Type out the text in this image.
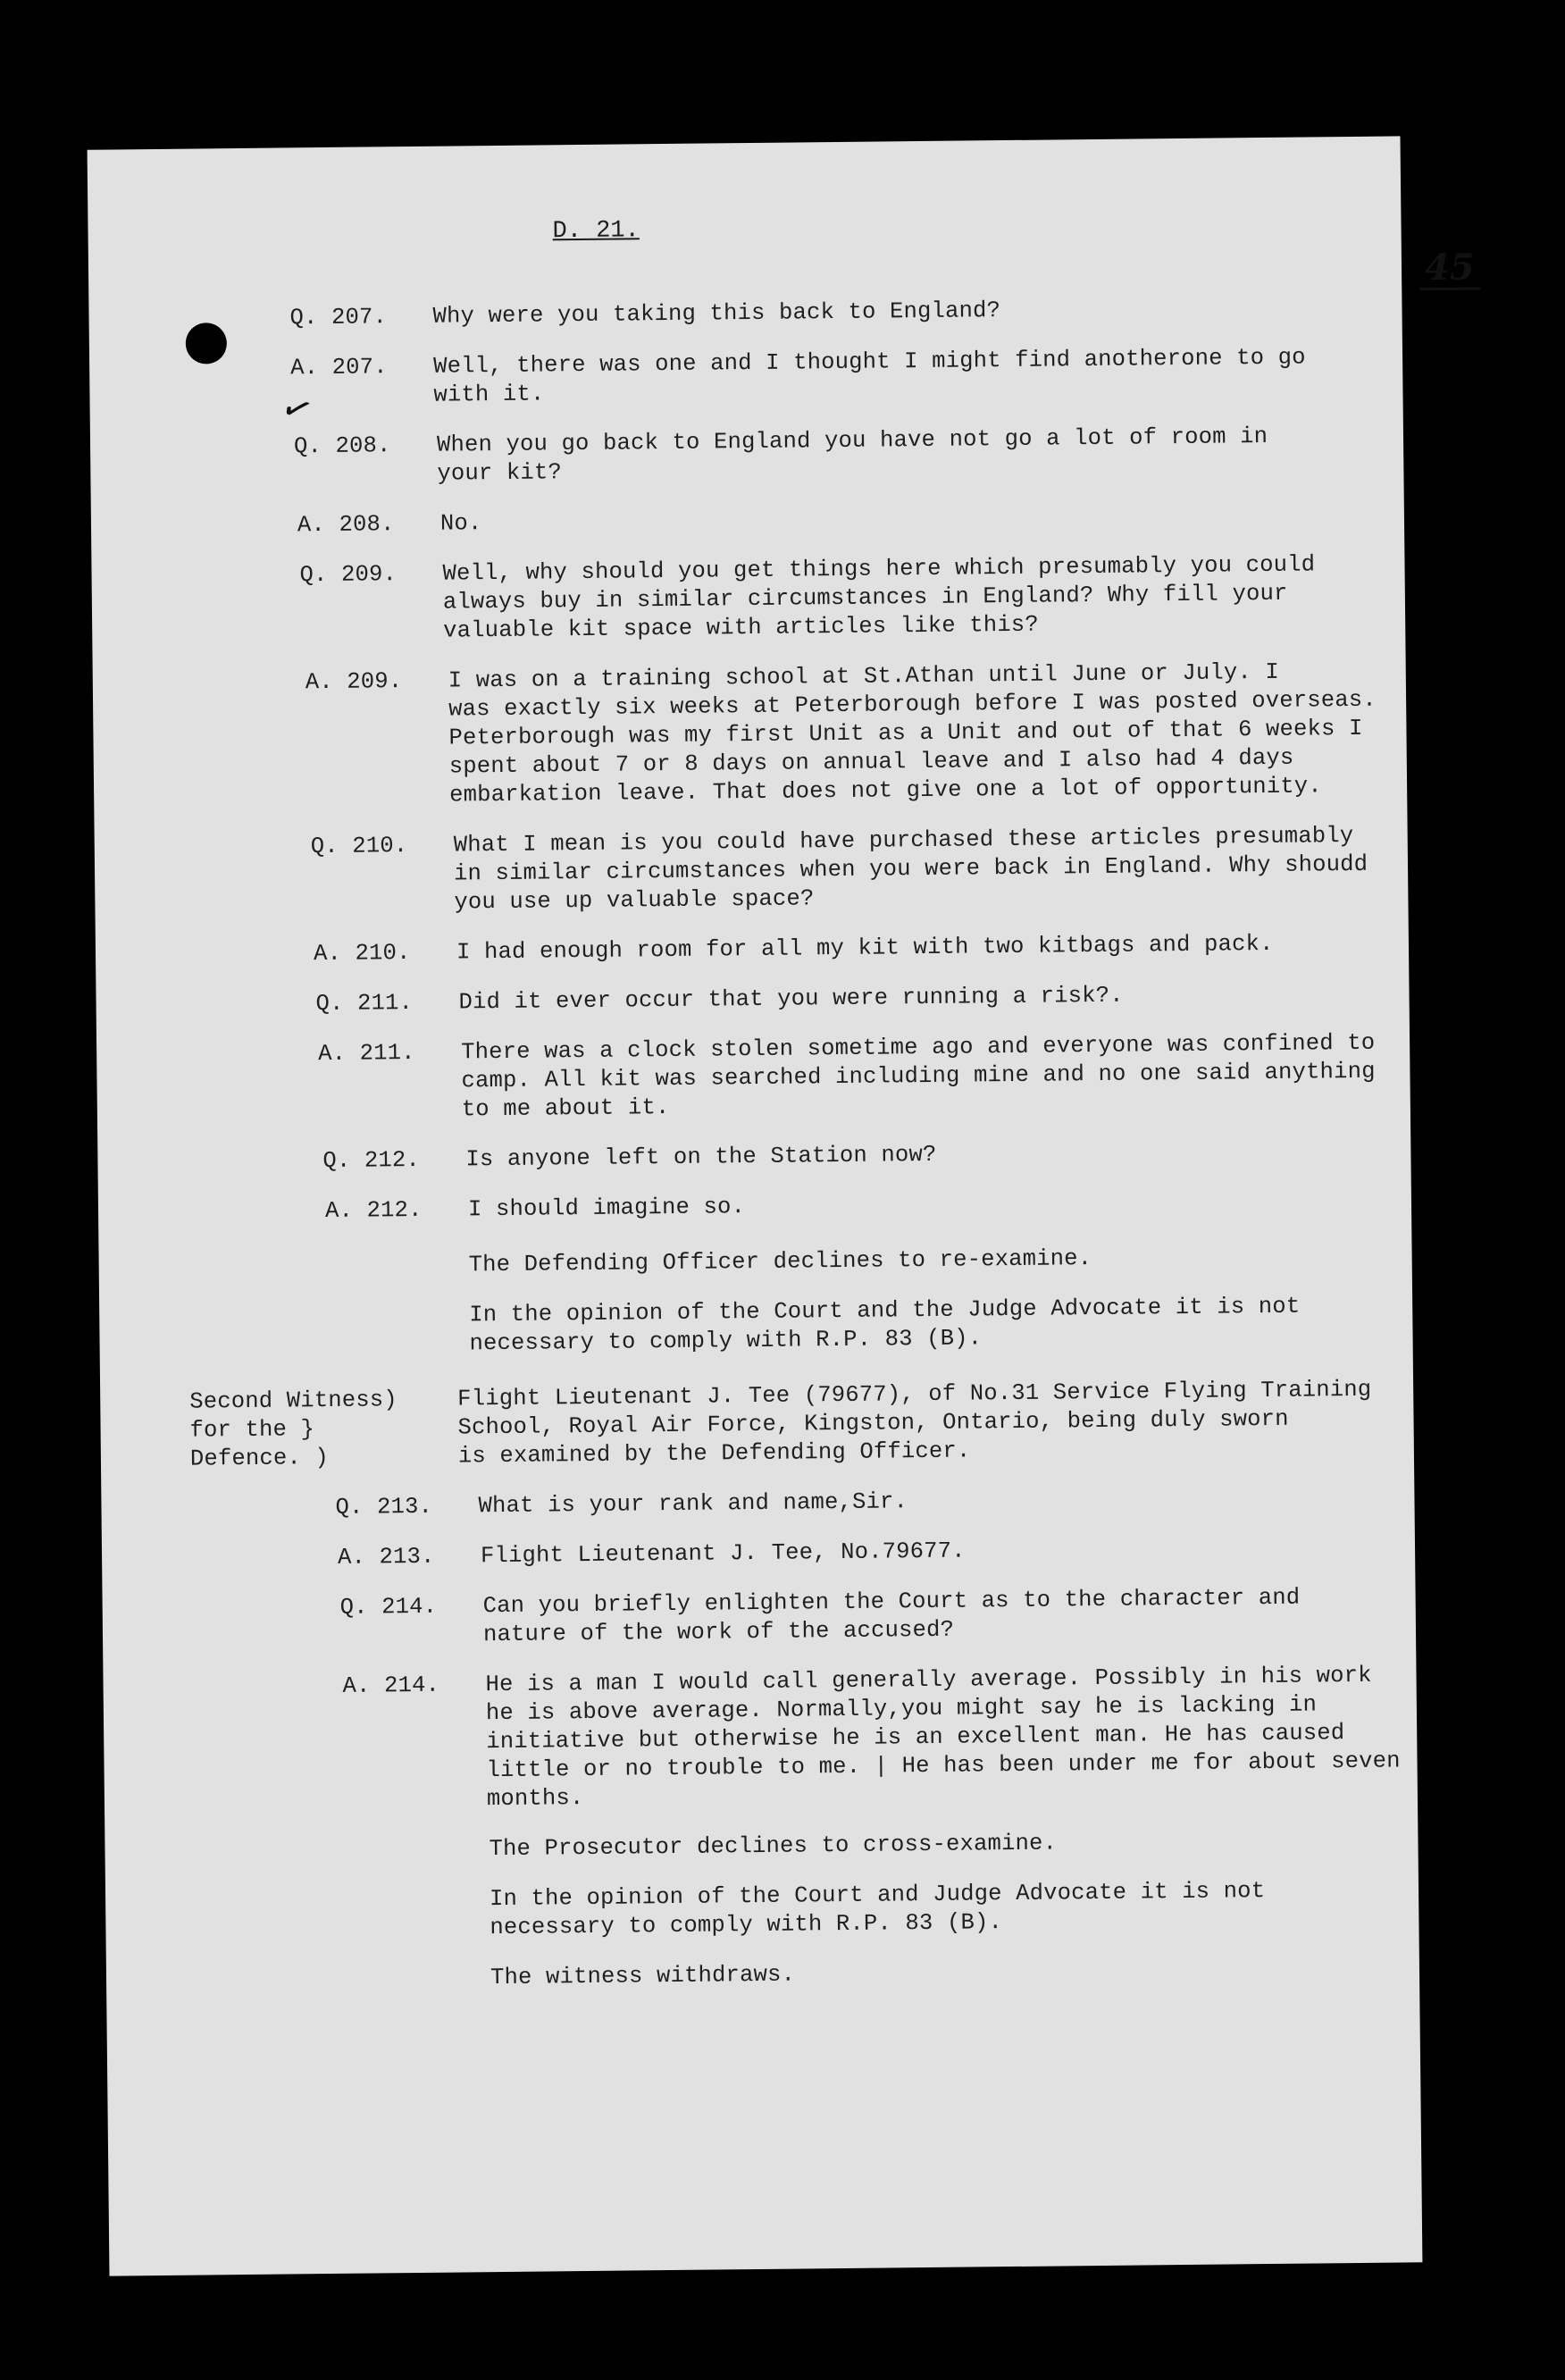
✓
45
D. 21.
Q. 207.	Why were you taking this back to England?
A. 207.	Well, there was one and I thought I might find anotherone to go
with it.
Q. 208.	When you go back to England you have not go a lot of room in
your kit?
A. 208.	No.
Q. 209.	Well, why should you get things here which presumably you could
always buy in similar circumstances in England? Why fill your
valuable kit space with articles like this?
A. 209.	I was on a training school at St.Athan until June or July. I
was exactly six weeks at Peterborough before I was posted overseas.
Peterborough was my first Unit as a Unit and out of that 6 weeks I
spent about 7 or 8 days on annual leave and I also had 4 days
embarkation leave. That does not give one a lot of opportunity.
Q. 210.	What I mean is you could have purchased these articles presumably
in similar circumstances when you were back in England. Why shoudd
you use up valuable space?
A. 210.	I had enough room for all my kit with two kitbags and pack.
Q. 211.	Did it ever occur that you were running a risk?.
A. 211.	There was a clock stolen sometime ago and everyone was confined to
camp. All kit was searched including mine and no one said anything
to me about it.
Q. 212.	Is anyone left on the Station now?
A. 212.	I should imagine so.
The Defending Officer declines to re-examine.
In the opinion of the Court and the Judge Advocate it is not
necessary to comply with R.P. 83 (B).
Second Witness)
for the }
Defence. )
Flight Lieutenant J. Tee (79677), of No.31 Service Flying Training
School, Royal Air Force, Kingston, Ontario, being duly sworn
is examined by the Defending Officer.
Q. 213.	What is your rank and name,Sir.
A. 213.	Flight Lieutenant J. Tee, No.79677.
Q. 214.	Can you briefly enlighten the Court as to the character and
nature of the work of the accused?
A. 214.	He is a man I would call generally average. Possibly in his work
he is above average. Normally,you might say he is lacking in
initiative but otherwise he is an excellent man. He has caused
little or no trouble to me. | He has been under me for about seven
months.
The Prosecutor declines to cross-examine.
In the opinion of the Court and Judge Advocate it is not
necessary to comply with R.P. 83 (B).
The witness withdraws.
